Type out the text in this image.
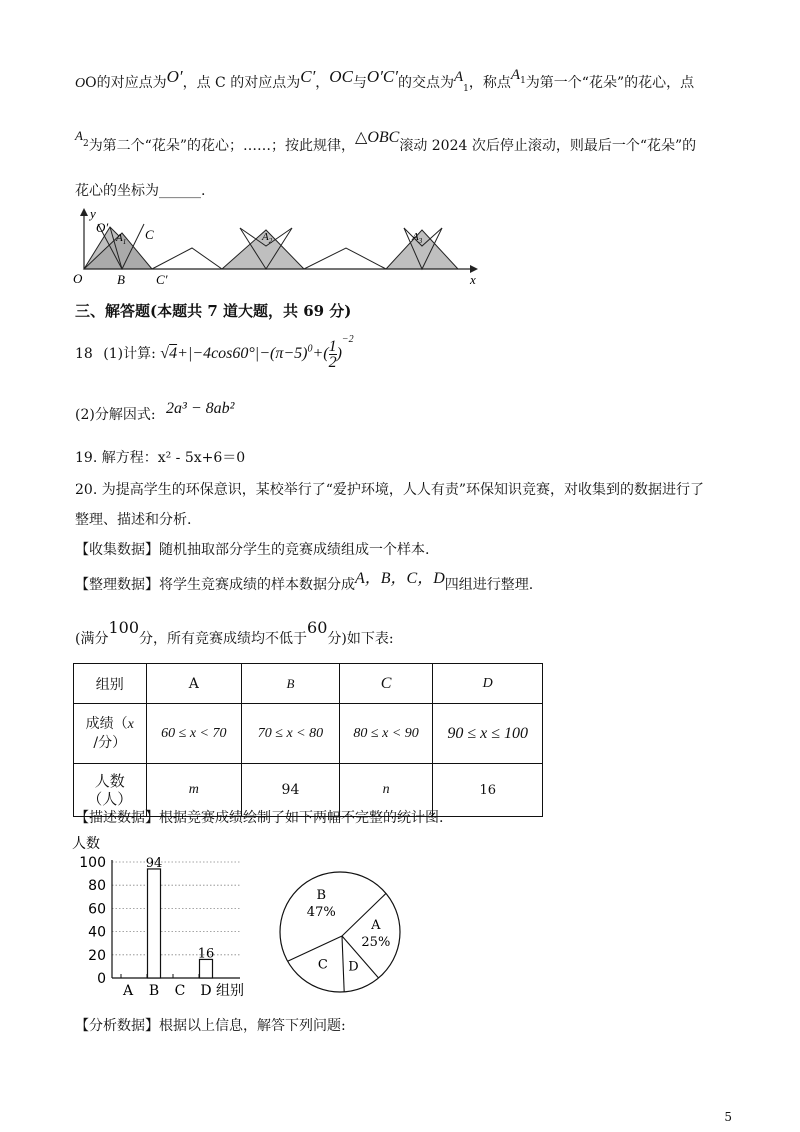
OO的对应点为O′，点 C 的对应点为C′，OC与O′C′的交点为$A_1$，称点$A_1$为第一个“花朵”的花心，点
$A_2$为第二个“花朵”的花心；……；按此规律，△OBC滚动 2024 次后停止滚动，则最后一个“花朵”的
花心的坐标为______.
y
x
O′
$A_1$ C
O	B C′
$A_2$	$A_3$
三、解答题(本题共 7 道大题，共 69 分)
18 (1)计算: $√4+|-4\cos 60^\circ|-(\pi-5)^0+( \frac{1}{2} )^{-2}$
(2)分解因式: 2a³ − 8ab²
19. 解方程：x² - 5x+6＝0
20. 为提高学生的环保意识，某校举行了“爱护环境，人人有责”环保知识竞赛，对收集到的数据进行了
整理、描述和分析.
【收集数据】随机抽取部分学生的竞赛成绩组成一个样本.
【整理数据】将学生竞赛成绩的样本数据分成A，B，C，D四组进行整理.
(满分100分，所有竞赛成绩均不低于60分)如下表:
组别	A	B	C	D
成绩（x
/分）	60 ≤ x < 70	70 ≤ x < 80	80 ≤ x < 90	90 ≤ x ≤ 100
人数
（人）	m	94	n	16
【描述数据】根据竞赛成绩绘制了如下两幅不完整的统计图.
人数
0
20
40
60
80
100
A B
94
C D
16
组别
A
25%
D
C
B
47%
【分析数据】根据以上信息，解答下列问题:
5
